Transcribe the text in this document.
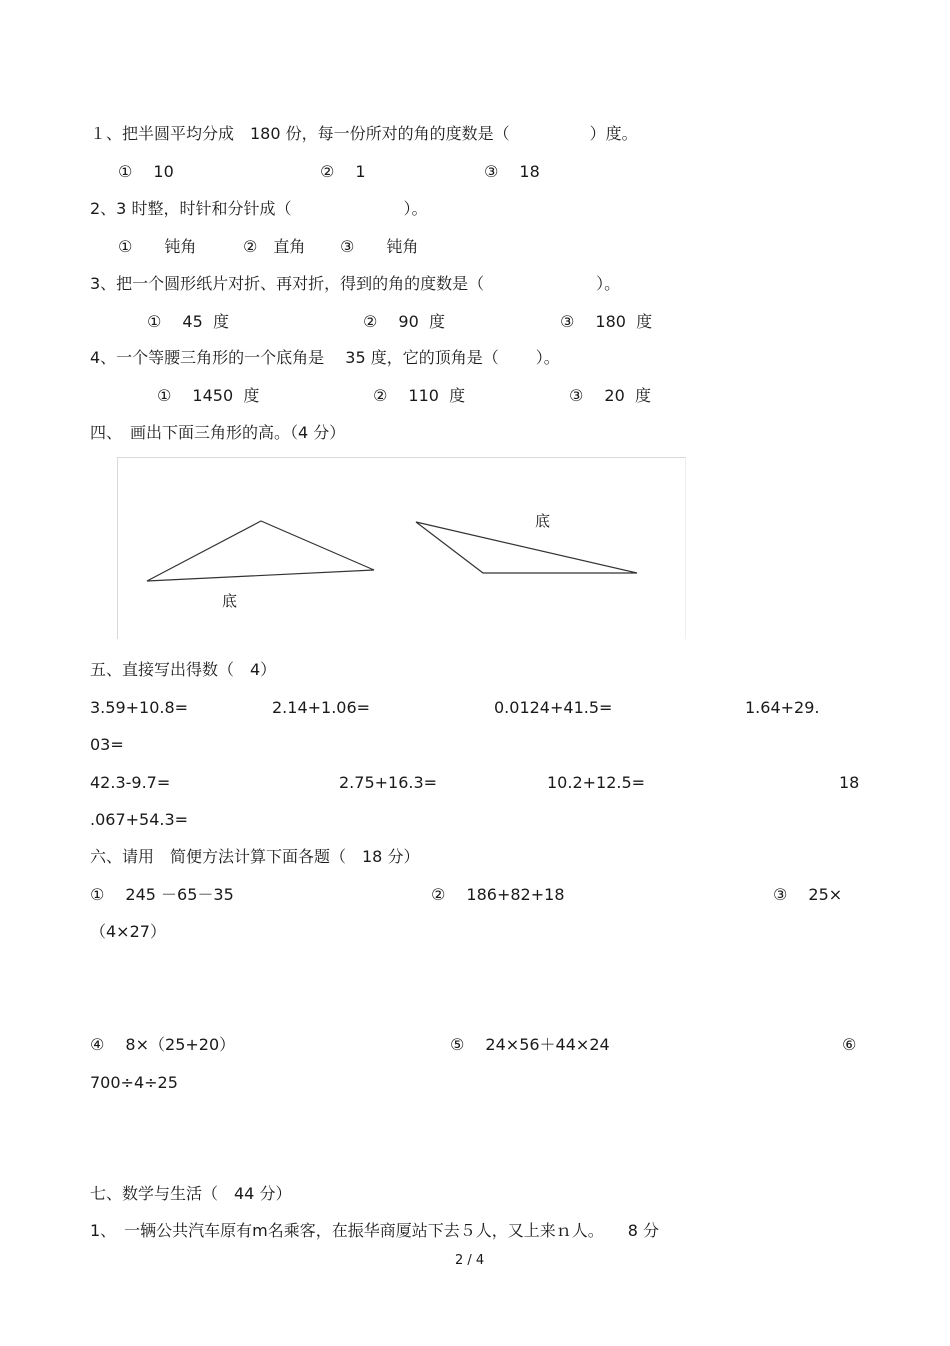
１、把半圆平均分成　180 份，每一份所对的角的度数是（　　　　　）度。
①　 10	②　 1	③　 18
2、3 时整，时针和分针成（　　　　　　　）。
①　　钝角	②　直角 ③　　钝角
3、把一个圆形纸片对折、再对折，得到的角的度数是（　　　　　　　）。
①　 45  度	②　 90  度	③　 180  度
4、一个等腰三角形的一个底角是　 35 度，它的顶角是（　　 ）。
①　 1450  度	②　 110  度	③　 20  度
四、　画出下面三角形的高。（4 分）
底
底
五、直接写出得数（　4）
3.59+10.8=	2.14+1.06=	0.0124+41.5=	1.64+29.
03=
42.3-9.7=	2.75+16.3=	10.2+12.5=	18
.067+54.3=
六、请用　简便方法计算下面各题（　18 分）
①　 245 －65－35	②　 186+82+18	③　 25×
（4×27）
④　 8×（25+20）	⑤　 24×56＋44×24	⑥
700÷4÷25
七、数学与生活（　44 分）
1、　一辆公共汽车原有m名乘客，在振华商厦站下去５人，又上来ｎ人。　　8 分
2 / 4
